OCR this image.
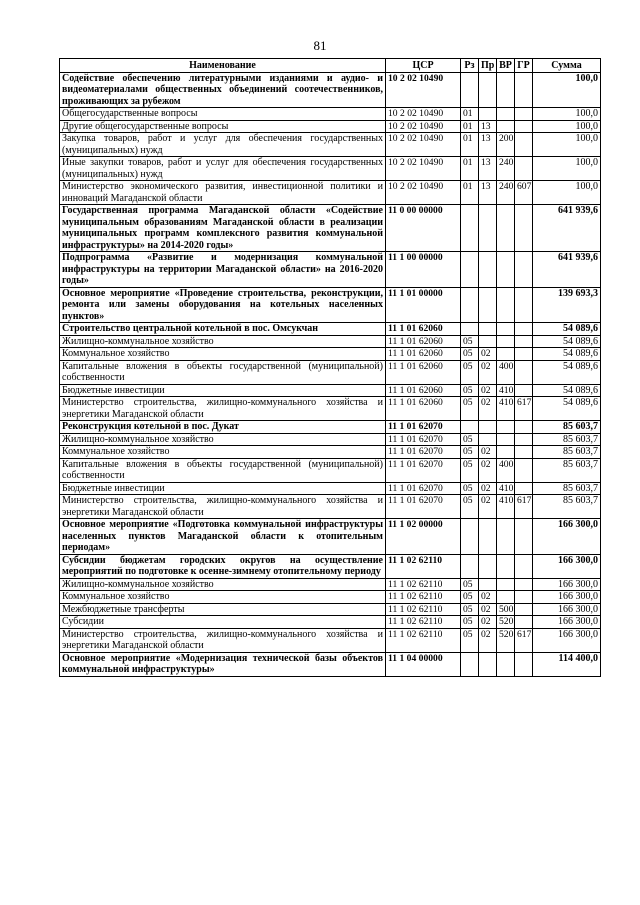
81
Наименование	ЦСР	Рз	Пр	ВР	ГР	Сумма
Содействие обеспечению литературными изданиями и аудио- и видеоматериалами общественных объединений соотечественников, проживающих за рубежом	10 2 02 10490					100,0
Общегосударственные вопросы	10 2 02 10490	01				100,0
Другие общегосударственные вопросы	10 2 02 10490	01	13			100,0
Закупка товаров, работ и услуг для обеспечения государственных (муниципальных) нужд	10 2 02 10490	01	13	200		100,0
Иные закупки товаров, работ и услуг для обеспечения государственных (муниципальных) нужд	10 2 02 10490	01	13	240		100,0
Министерство экономического развития, инвестиционной политики и инноваций Магаданской области	10 2 02 10490	01	13	240	607	100,0
Государственная программа Магаданской области «Содействие муниципальным образованиям Магаданской области в реализации муниципальных программ комплексного развития коммунальной инфраструктуры» на 2014-2020 годы»	11 0 00 00000					641 939,6
Подпрограмма «Развитие и модернизация коммунальной инфраструктуры на территории Магаданской области» на 2016-2020 годы»	11 1 00 00000					641 939,6
Основное мероприятие «Проведение строительства, реконструкции, ремонта или замены оборудования на котельных населенных пунктов»	11 1 01 00000					139 693,3
Строительство центральной котельной в пос. Омсукчан	11 1 01 62060					54 089,6
Жилищно-коммунальное хозяйство	11 1 01 62060	05				54 089,6
Коммунальное хозяйство	11 1 01 62060	05	02			54 089,6
Капитальные вложения в объекты государственной (муниципальной) собственности	11 1 01 62060	05	02	400		54 089,6
Бюджетные инвестиции	11 1 01 62060	05	02	410		54 089,6
Министерство строительства, жилищно-коммунального хозяйства и энергетики Магаданской области	11 1 01 62060	05	02	410	617	54 089,6
Реконструкция котельной в пос. Дукат	11 1 01 62070					85 603,7
Жилищно-коммунальное хозяйство	11 1 01 62070	05				85 603,7
Коммунальное хозяйство	11 1 01 62070	05	02			85 603,7
Капитальные вложения в объекты государственной (муниципальной) собственности	11 1 01 62070	05	02	400		85 603,7
Бюджетные инвестиции	11 1 01 62070	05	02	410		85 603,7
Министерство строительства, жилищно-коммунального хозяйства и энергетики Магаданской области	11 1 01 62070	05	02	410	617	85 603,7
Основное мероприятие «Подготовка коммунальной инфраструктуры населенных пунктов Магаданской области к отопительным периодам»	11 1 02 00000					166 300,0
Субсидии бюджетам городских округов на осуществление мероприятий по подготовке к осенне-зимнему отопительному периоду	11 1 02 62110					166 300,0
Жилищно-коммунальное хозяйство	11 1 02 62110	05				166 300,0
Коммунальное хозяйство	11 1 02 62110	05	02			166 300,0
Межбюджетные трансферты	11 1 02 62110	05	02	500		166 300,0
Субсидии	11 1 02 62110	05	02	520		166 300,0
Министерство строительства, жилищно-коммунального хозяйства и энергетики Магаданской области	11 1 02 62110	05	02	520	617	166 300,0
Основное мероприятие «Модернизация технической базы объектов коммунальной инфраструктуры»	11 1 04 00000					114 400,0
